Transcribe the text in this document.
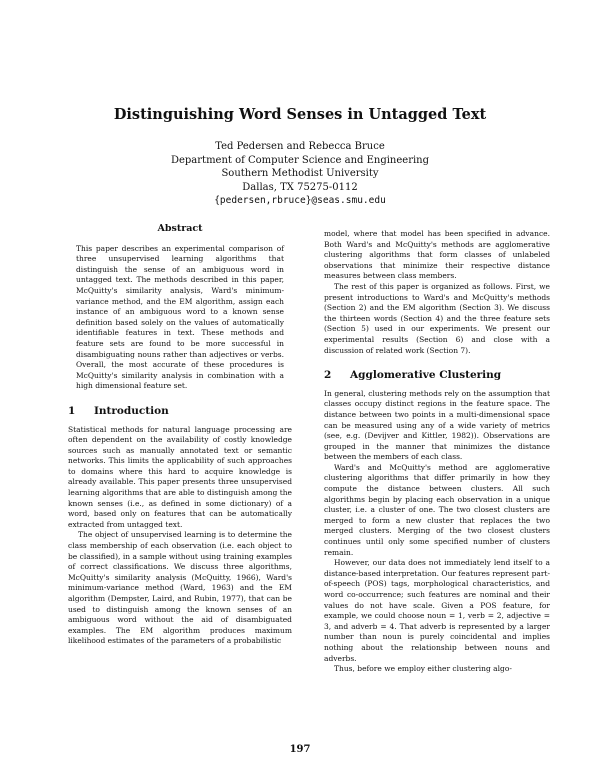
Distinguishing Word Senses in Untagged Text
Ted Pedersen and Rebecca Bruce
Department of Computer Science and Engineering
Southern Methodist University
Dallas, TX 75275-0112
{pedersen,rbruce}@seas.smu.edu
Abstract

This paper describes an experimental comparison of three unsupervised learning algorithms that distinguish the sense of an ambiguous word in untagged text. The methods described in this paper, McQuitty's similarity analysis, Ward's minimum-variance method, and the EM algorithm, assign each instance of an ambiguous word to a known sense definition based solely on the values of automatically identifiable features in text. These methods and feature sets are found to be more successful in disambiguating nouns rather than adjectives or verbs. Overall, the most accurate of these procedures is McQuitty's similarity analysis in combination with a high dimensional feature set.

1	Introduction

Statistical methods for natural language processing are often dependent on the availability of costly knowledge sources such as manually annotated text or semantic networks. This limits the applicability of such approaches to domains where this hard to acquire knowledge is already available. This paper presents three unsupervised learning algorithms that are able to distinguish among the known senses (i.e., as defined in some dictionary) of a word, based only on features that can be automatically extracted from untagged text.

The object of unsupervised learning is to determine the class membership of each observation (i.e. each object to be classified), in a sample without using training examples of correct classifications. We discuss three algorithms, McQuitty's similarity analysis (McQuitty, 1966), Ward's minimum-variance method (Ward, 1963) and the EM algorithm (Dempster, Laird, and Rubin, 1977), that can be used to distinguish among the known senses of an ambiguous word without the aid of disambiguated examples. The EM algorithm produces maximum likelihood estimates of the parameters of a probabilistic

model, where that model has been specified in advance. Both Ward's and McQuitty's methods are agglomerative clustering algorithms that form classes of unlabeled observations that minimize their respective distance measures between class members.

The rest of this paper is organized as follows. First, we present introductions to Ward's and McQuitty's methods (Section 2) and the EM algorithm (Section 3). We discuss the thirteen words (Section 4) and the three feature sets (Section 5) used in our experiments. We present our experimental results (Section 6) and close with a discussion of related work (Section 7).

2	Agglomerative Clustering

In general, clustering methods rely on the assumption that classes occupy distinct regions in the feature space. The distance between two points in a multi-dimensional space can be measured using any of a wide variety of metrics (see, e.g. (Devijver and Kittler, 1982)). Observations are grouped in the manner that minimizes the distance between the members of each class.

Ward's and McQuitty's method are agglomerative clustering algorithms that differ primarily in how they compute the distance between clusters. All such algorithms begin by placing each observation in a unique cluster, i.e. a cluster of one. The two closest clusters are merged to form a new cluster that replaces the two merged clusters. Merging of the two closest clusters continues until only some specified number of clusters remain.

However, our data does not immediately lend itself to a distance-based interpretation. Our features represent part-of-speech (POS) tags, morphological characteristics, and word co-occurrence; such features are nominal and their values do not have scale. Given a POS feature, for example, we could choose noun = 1, verb = 2, adjective = 3, and adverb = 4. That adverb is represented by a larger number than noun is purely coincidental and implies nothing about the relationship between nouns and adverbs.

Thus, before we employ either clustering algo-

197
